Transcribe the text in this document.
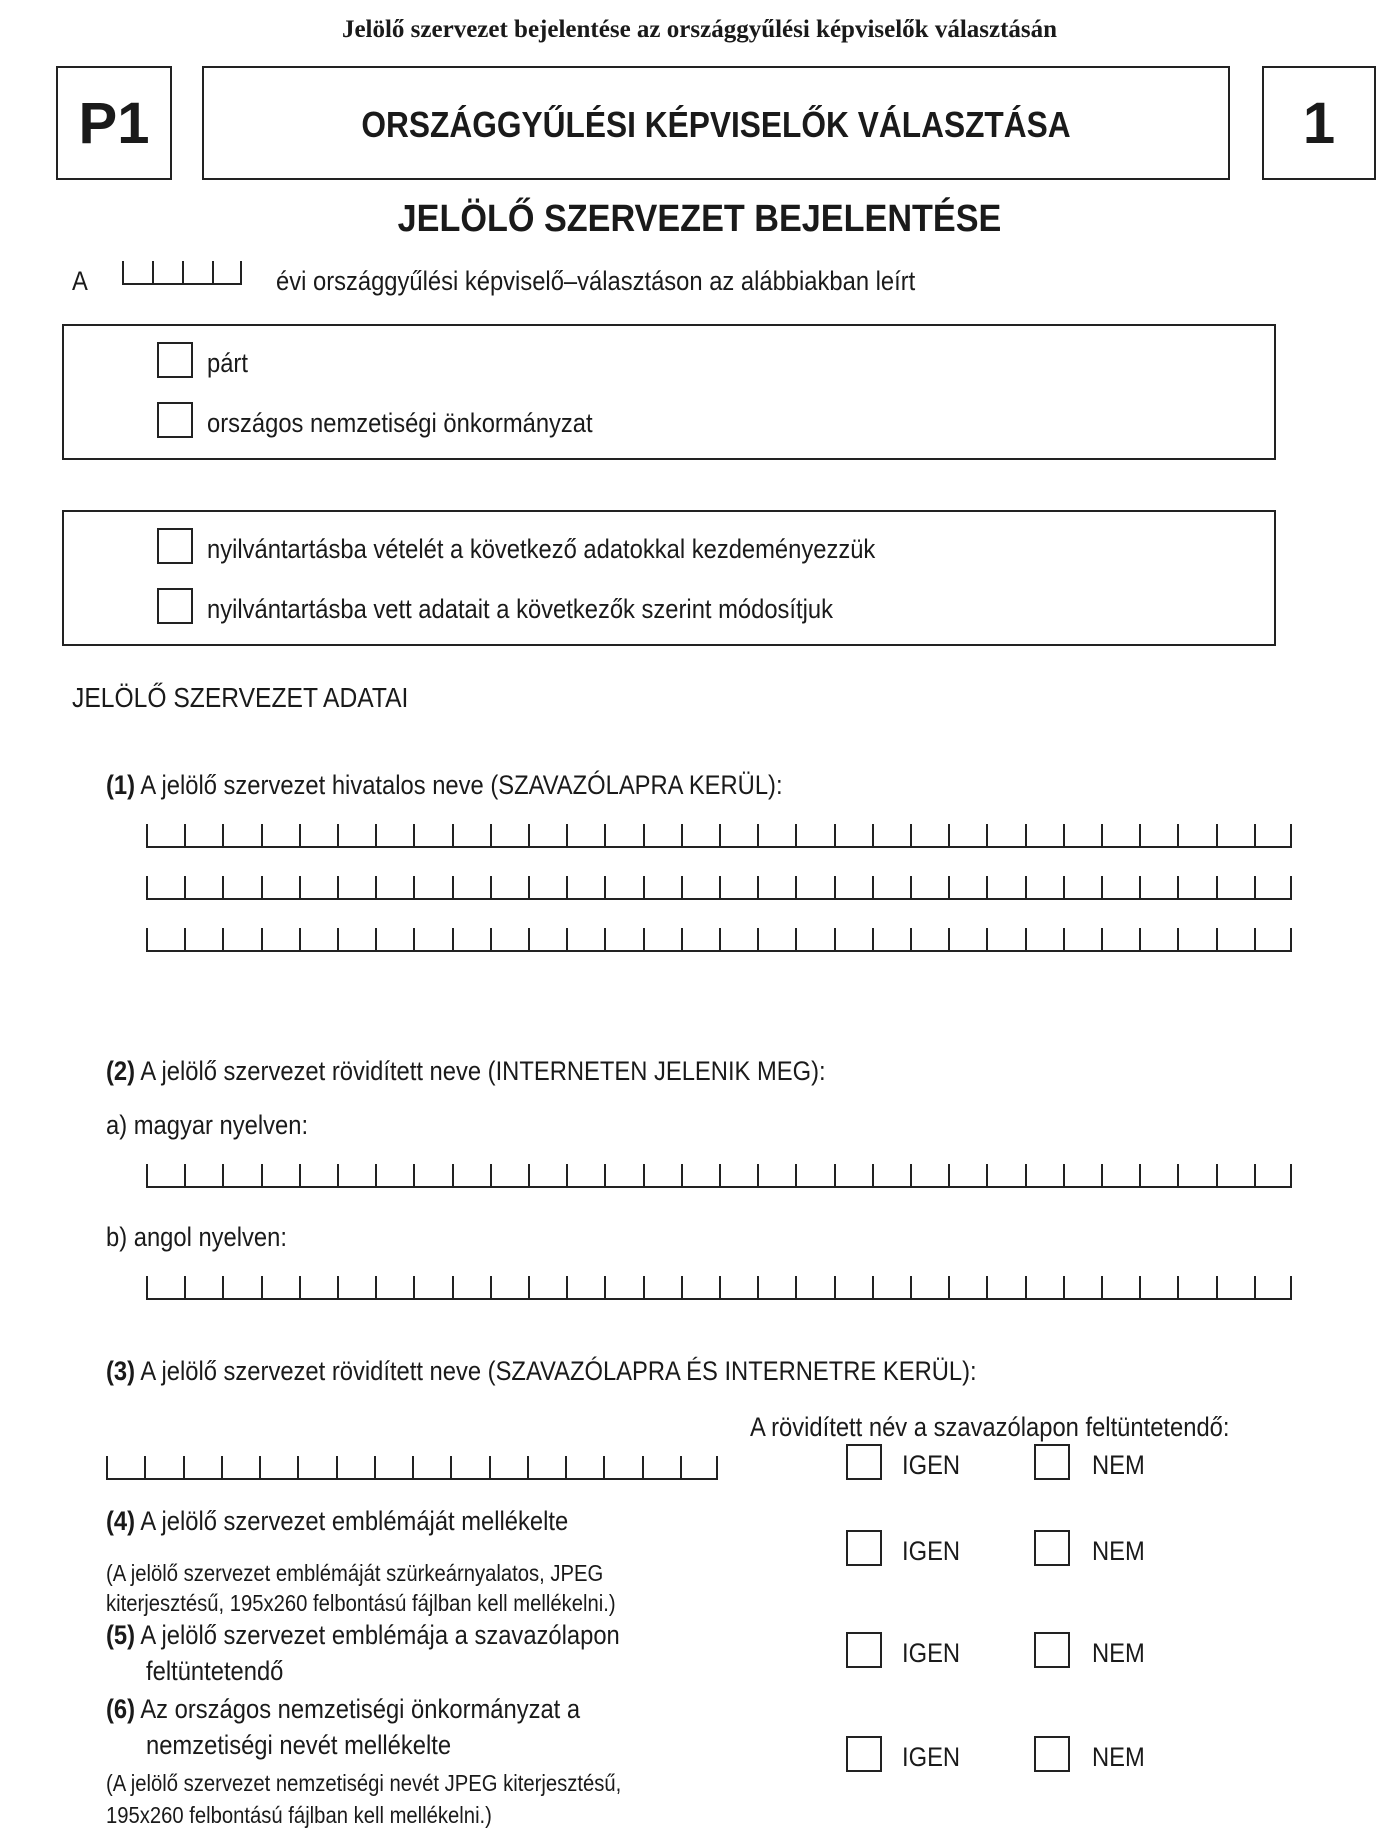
Jelölő szervezet bejelentése az országgyűlési képviselők választásán
P1	ORSZÁGGYŰLÉSI KÉPVISELŐK VÁLASZTÁSA	1
JELÖLŐ SZERVEZET BEJELENTÉSE
A	évi országgyűlési képviselő–választáson az alábbiakban leírt
párt
országos nemzetiségi önkormányzat
nyilvántartásba vételét a következő adatokkal kezdeményezzük
nyilvántartásba vett adatait a következők szerint módosítjuk
JELÖLŐ SZERVEZET ADATAI
(1) A jelölő szervezet hivatalos neve (SZAVAZÓLAPRA KERÜL):
(2) A jelölő szervezet rövidített neve (INTERNETEN JELENIK MEG):
a) magyar nyelven:
b) angol nyelven:
(3) A jelölő szervezet rövidített neve (SZAVAZÓLAPRA ÉS INTERNETRE KERÜL):
A rövidített név a szavazólapon feltüntetendő:
IGEN	NEM
(4) A jelölő szervezet emblémáját mellékelte
(A jelölő szervezet emblémáját szürkeárnyalatos, JPEG
kiterjesztésű, 195x260 felbontású fájlban kell mellékelni.)
IGEN	NEM
(5) A jelölő szervezet emblémája a szavazólapon
feltüntetendő
IGEN	NEM
(6) Az országos nemzetiségi önkormányzat a
nemzetiségi nevét mellékelte
(A jelölő szervezet nemzetiségi nevét JPEG kiterjesztésű,
195x260 felbontású fájlban kell mellékelni.)
IGEN	NEM
